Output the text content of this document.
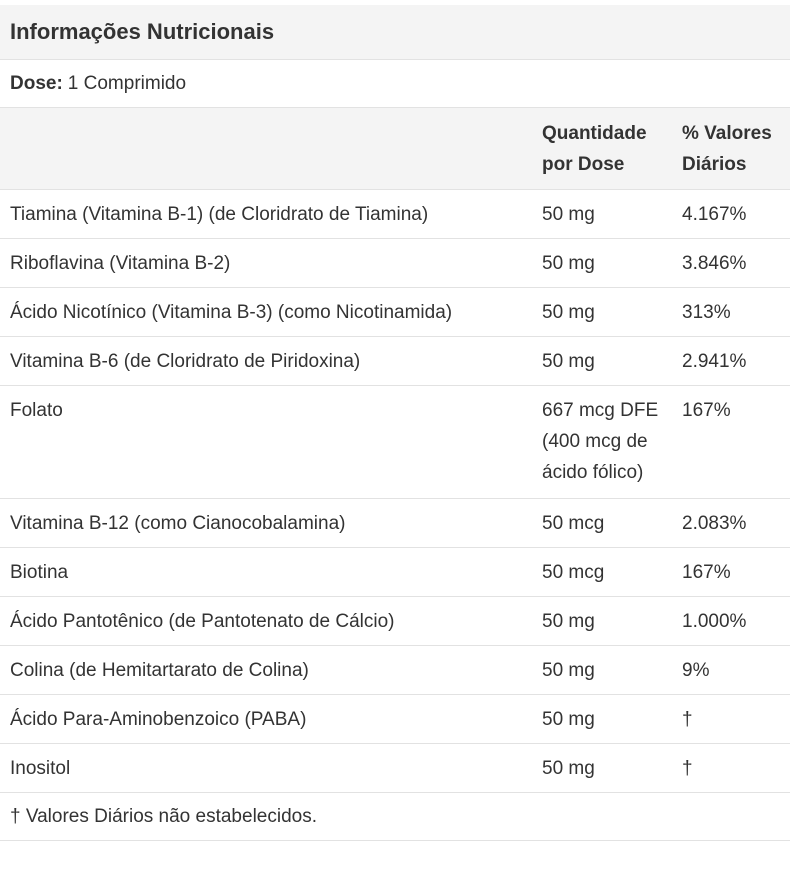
Informações Nutricionais
Dose: 1 Comprimido
	Quantidade por Dose	% Valores Diários
Tiamina (Vitamina B-1) (de Cloridrato de Tiamina)	50 mg	4.167%
Riboflavina (Vitamina B-2)	50 mg	3.846%
Ácido Nicotínico (Vitamina B-3) (como Nicotinamida)	50 mg	313%
Vitamina B-6 (de Cloridrato de Piridoxina)	50 mg	2.941%
Folato	667 mcg DFE (400 mcg de ácido fólico)	167%
Vitamina B-12 (como Cianocobalamina)	50 mcg	2.083%
Biotina	50 mcg	167%
Ácido Pantotênico (de Pantotenato de Cálcio)	50 mg	1.000%
Colina (de Hemitartarato de Colina)	50 mg	9%
Ácido Para-Aminobenzoico (PABA)	50 mg	†
Inositol	50 mg	†
† Valores Diários não estabelecidos.
